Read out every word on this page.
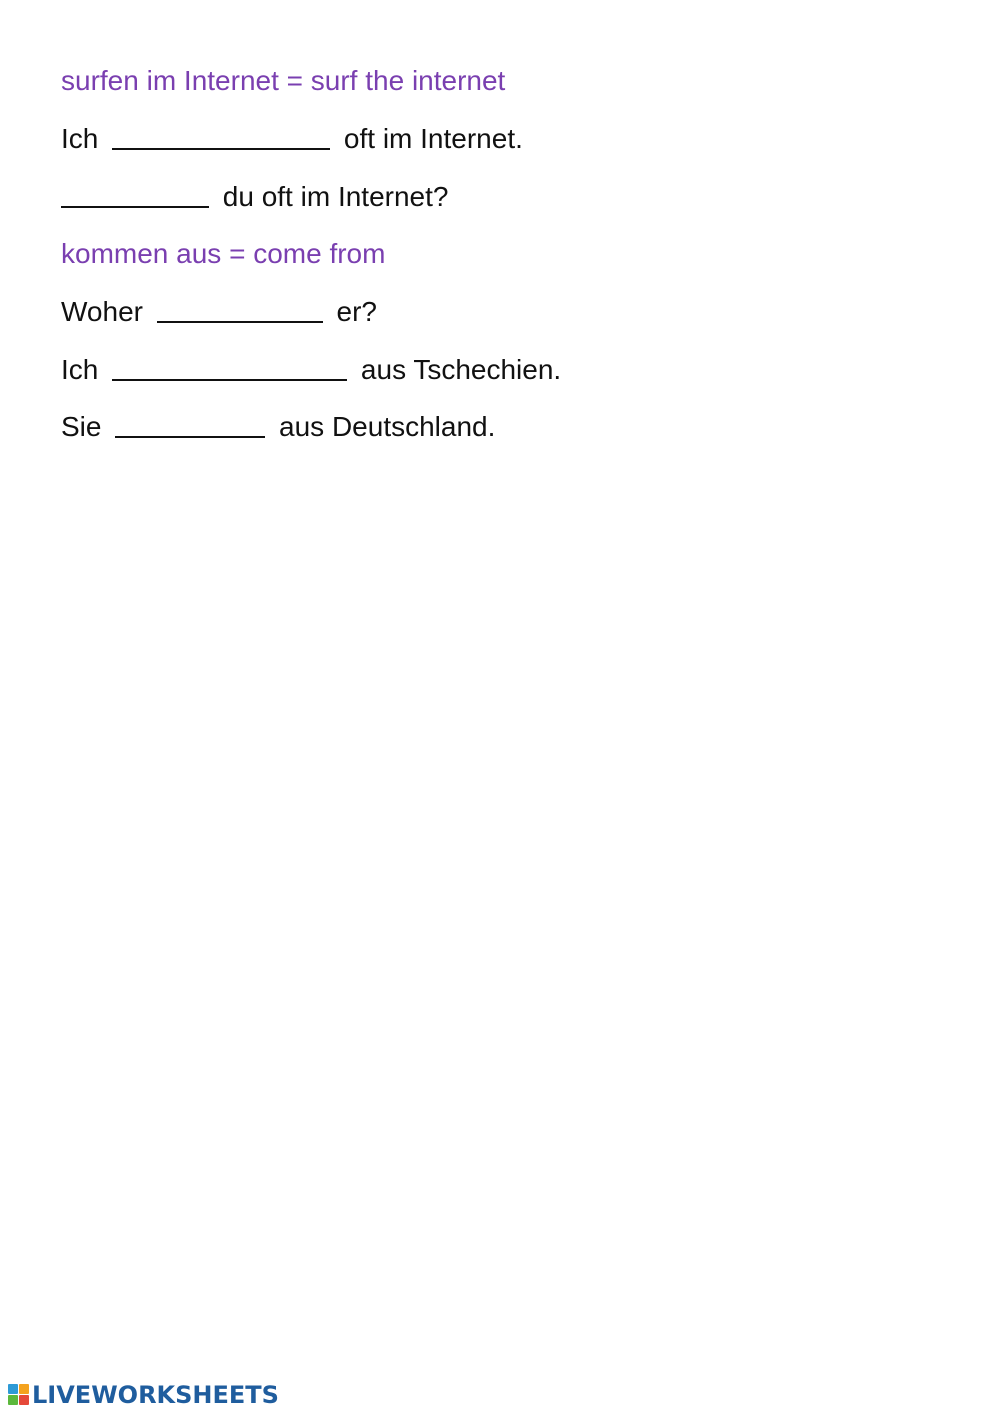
surfen im Internet = surf the internet
Ich	oft im Internet.
du oft im Internet?
kommen aus = come from
Woher	er?
Ich	aus Tschechien.
Sie	aus Deutschland.
LIVEWORKSHEETS
